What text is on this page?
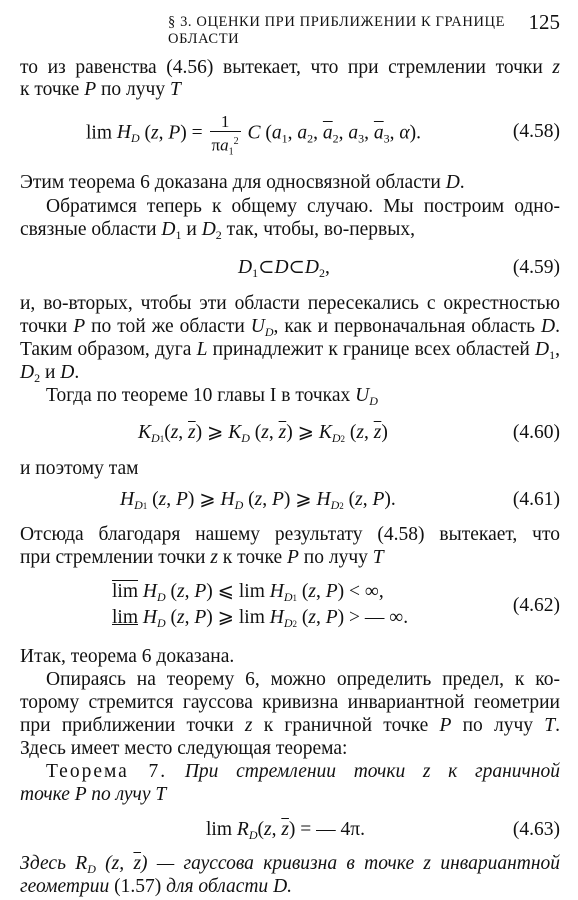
§ 3. ОЦЕНКИ ПРИ ПРИБЛИЖЕНИИ К ГРАНИЦЕ ОБЛАСТИ
125
то из равенства (4.56) вытекает, что при стремлении точки z
к точке P по лучу T
$\lim H_D$ (z, $P) = \frac{1}{\pi a_1^2}$ C ($a_1$, $a_2$, $\overline{a}_2$, $a_3$, $\overline{a}_3$, α).	(4.58)
Этим теорема 6 доказана для односвязной области D.
Обратимся теперь к общему случаю. Мы построим одно-
связные области $D_1$ и $D_2$ так, чтобы, во-первых,
$D_1\subset D\subset D_2$,	(4.59)
и, во-вторых, чтобы эти области пересекались с окрестностью
точки P по той же области $U_D$, как и первоначальная область D.
Таким образом, дуга L принадлежит к границе всех областей $D_1$,
$D_2$ и D.
Тогда по теореме 10 главы I в точках $U_D$
$K_{D1}(z$, $\overline{z}$) ⩾ $K_D$ (z, $\overline{z}$) ⩾ $K_{D2}$ (z, $\overline{z}$)	(4.60)
и поэтому там
$H_{D1}$ (z, P) ⩾ $H_D$ (z, P) ⩾ $H_{D2}$ (z, P).	(4.61)
Отсюда благодаря нашему результату (4.58) вытекает, что
при стремлении точки z к точке P по лучу T
$\overline{lim}$ $H_D$ (z, P) ⩽ $\lim H_{D1}$ (z, P) < ∞,
$\lim H_D$ (z, P) ⩾ $\lim H_{D2}$ (z, P) > — ∞.
(4.62)
Итак, теорема 6 доказана.
Опираясь на теорему 6, можно определить предел, к ко-
торому стремится гауссова кривизна инвариантной геометрии
при приближении точки z к граничной точке P по лучу T.
Здесь имеет место следующая теорема:
Теорема 7. При стремлении точки z к граничной
точке P по лучу T
$\lim R_D(z$, $\overline{z}$) = — 4π.	(4.63)
Здесь $R_D$ (z, $\overline{z}$) — гауссова кривизна в точке z инвариантной
геометрии (1.57) для области D.
